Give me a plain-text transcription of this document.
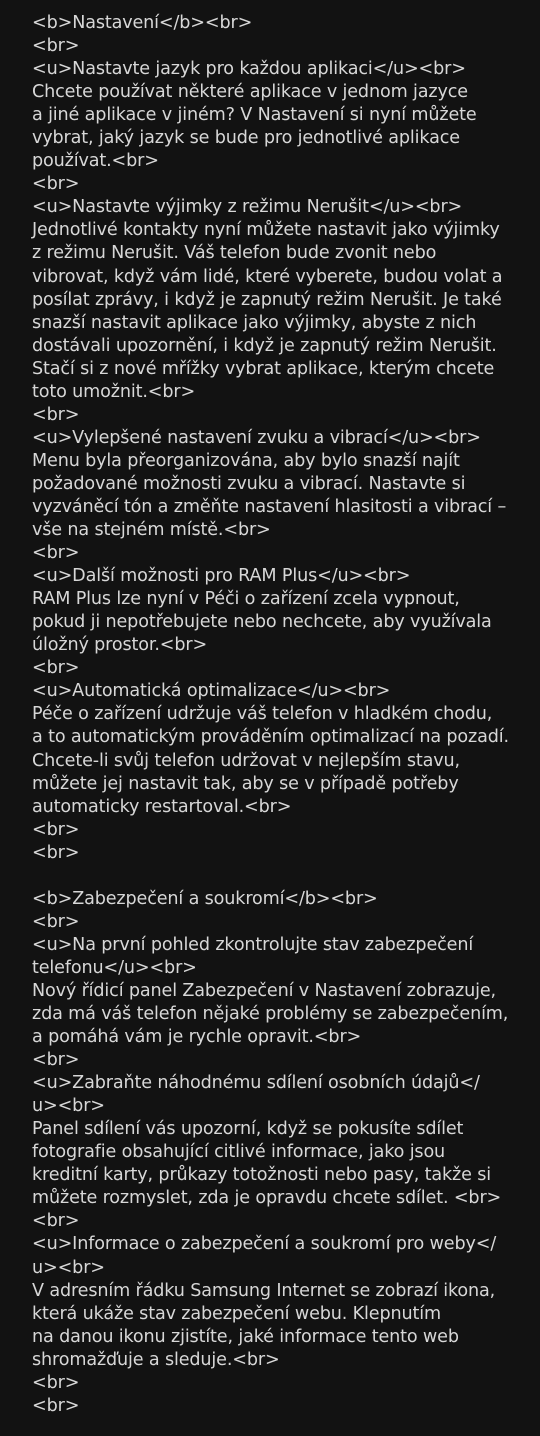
<b>Nastavení</b><br>
<br>
<u>Nastavte jazyk pro každou aplikaci</u><br>
Chcete používat některé aplikace v jednom jazyce
a jiné aplikace v jiném? V Nastavení si nyní můžete
vybrat, jaký jazyk se bude pro jednotlivé aplikace
používat.<br>
<br>
<u>Nastavte výjimky z režimu Nerušit</u><br>
Jednotlivé kontakty nyní můžete nastavit jako výjimky
z režimu Nerušit. Váš telefon bude zvonit nebo
vibrovat, když vám lidé, které vyberete, budou volat a
posílat zprávy, i když je zapnutý režim Nerušit. Je také
snazší nastavit aplikace jako výjimky, abyste z nich
dostávali upozornění, i když je zapnutý režim Nerušit.
Stačí si z nové mřížky vybrat aplikace, kterým chcete
toto umožnit.<br>
<br>
<u>Vylepšené nastavení zvuku a vibrací</u><br>
Menu byla přeorganizována, aby bylo snazší najít
požadované možnosti zvuku a vibrací. Nastavte si
vyzváněcí tón a změňte nastavení hlasitosti a vibrací –
vše na stejném místě.<br>
<br>
<u>Další možnosti pro RAM Plus</u><br>
RAM Plus lze nyní v Péči o zařízení zcela vypnout,
pokud ji nepotřebujete nebo nechcete, aby využívala
úložný prostor.<br>
<br>
<u>Automatická optimalizace</u><br>
Péče o zařízení udržuje váš telefon v hladkém chodu,
a to automatickým prováděním optimalizací na pozadí.
Chcete-li svůj telefon udržovat v nejlepším stavu,
můžete jej nastavit tak, aby se v případě potřeby
automaticky restartoval.<br>
<br>
<br>
<b>Zabezpečení a soukromí</b><br>
<br>
<u>Na první pohled zkontrolujte stav zabezpečení
telefonu</u><br>
Nový řídicí panel Zabezpečení v Nastavení zobrazuje,
zda má váš telefon nějaké problémy se zabezpečením,
a pomáhá vám je rychle opravit.<br>
<br>
<u>Zabraňte náhodnému sdílení osobních údajů</
u><br>
Panel sdílení vás upozorní, když se pokusíte sdílet
fotografie obsahující citlivé informace, jako jsou
kreditní karty, průkazy totožnosti nebo pasy, takže si
můžete rozmyslet, zda je opravdu chcete sdílet. <br>
<br>
<u>Informace o zabezpečení a soukromí pro weby</
u><br>
V adresním řádku Samsung Internet se zobrazí ikona,
která ukáže stav zabezpečení webu. Klepnutím
na danou ikonu zjistíte, jaké informace tento web
shromažďuje a sleduje.<br>
<br>
<br>
